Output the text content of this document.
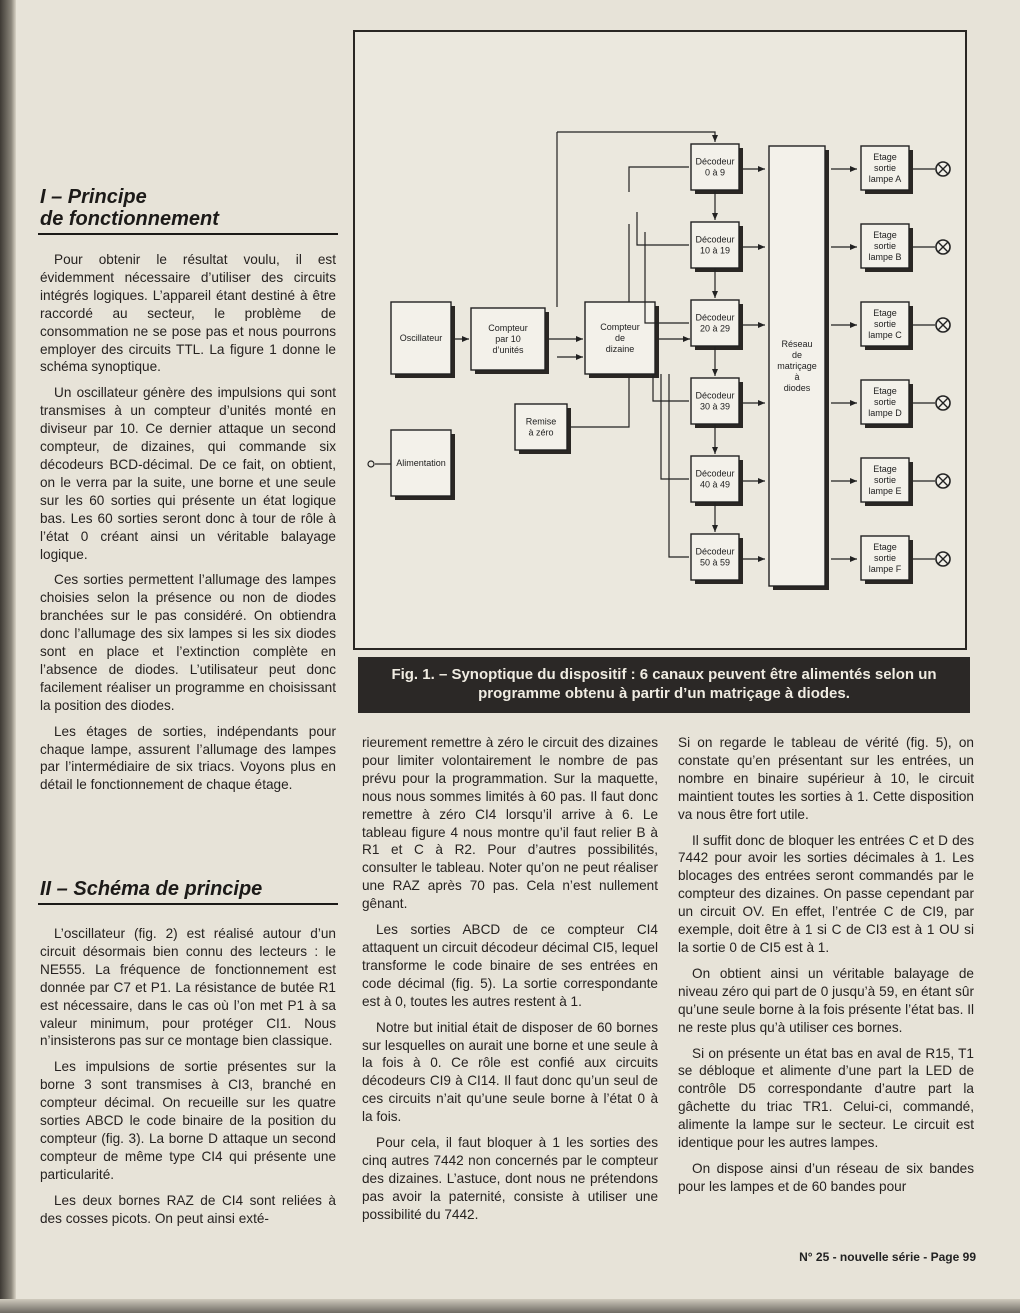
I – Principe
de fonctionnement

Pour obtenir le résultat voulu, il est évidemment nécessaire d’utiliser des circuits intégrés logiques. L’appareil étant destiné à être raccordé au secteur, le problème de consommation ne se pose pas et nous pourrons employer des circuits TTL. La figure 1 donne le schéma synoptique.

Un oscillateur génère des impulsions qui sont transmises à un compteur d’unités monté en diviseur par 10. Ce dernier attaque un second compteur, de dizaines, qui commande six décodeurs BCD-décimal. De ce fait, on obtient, on le verra par la suite, une borne et une seule sur les 60 sorties qui présente un état logique bas. Les 60 sorties seront donc à tour de rôle à l’état 0 créant ainsi un véritable balayage logique.

Ces sorties permettent l’allumage des lampes choisies selon la présence ou non de diodes branchées sur le pas considéré. On obtiendra donc l’allumage des six lampes si les six diodes sont en place et l’extinction complète en l’absence de diodes. L’utilisateur peut donc facilement réaliser un programme en choisissant la position des diodes.

Les étages de sorties, indépendants pour chaque lampe, assurent l’allumage des lampes par l’intermédiaire de six triacs. Voyons plus en détail le fonctionnement de chaque étage.

II – Schéma de principe

L’oscillateur (fig. 2) est réalisé autour d’un circuit désormais bien connu des lecteurs : le NE555. La fréquence de fonctionnement est donnée par C7 et P1. La résistance de butée R1 est nécessaire, dans le cas où l’on met P1 à sa valeur minimum, pour protéger CI1. Nous n’insisterons pas sur ce montage bien classique.

Les impulsions de sortie présentes sur la borne 3 sont transmises à CI3, branché en compteur décimal. On recueille sur les quatre sorties ABCD le code binaire de la position du compteur (fig. 3). La borne D attaque un second compteur de même type CI4 qui présente une particularité.

Les deux bornes RAZ de CI4 sont reliées à des cosses picots. On peut ainsi exté-

Oscillateur
Alimentation
Compteur
par 10
d’unités
Compteur
de
dizaine
Remise
à zéro
Réseau
de
matriçage
à
diodes
Décodeur
0 à 9
Décodeur
10 à 19
Décodeur
20 à 29
Décodeur
30 à 39
Décodeur
40 à 49
Décodeur
50 à 59
Etage
sortie
lampe A
Etage
sortie
lampe B
Etage
sortie
lampe C
Etage
sortie
lampe D
Etage
sortie
lampe E
Etage
sortie
lampe F
Fig. 1. – Synoptique du dispositif : 6 canaux peuvent être alimentés selon un programme obtenu à partir d’un matriçage à diodes.

rieurement remettre à zéro le circuit des dizaines pour limiter volontairement le nombre de pas prévu pour la programmation. Sur la maquette, nous nous sommes limités à 60 pas. Il faut donc remettre à zéro CI4 lorsqu’il arrive à 6. Le tableau figure 4 nous montre qu’il faut relier B à R1 et C à R2. Pour d’autres possibilités, consulter le tableau. Noter qu’on ne peut réaliser une RAZ après 70 pas. Cela n’est nullement gênant.

Les sorties ABCD de ce compteur CI4 attaquent un circuit décodeur décimal CI5, lequel transforme le code binaire de ses entrées en code décimal (fig. 5). La sortie correspondante est à 0, toutes les autres restent à 1.

Notre but initial était de disposer de 60 bornes sur lesquelles on aurait une borne et une seule à la fois à 0. Ce rôle est confié aux circuits décodeurs CI9 à CI14. Il faut donc qu’un seul de ces circuits n’ait qu’une seule borne à l’état 0 à la fois.

Pour cela, il faut bloquer à 1 les sorties des cinq autres 7442 non concernés par le compteur des dizaines. L’astuce, dont nous ne prétendons pas avoir la paternité, consiste à utiliser une possibilité du 7442.

Si on regarde le tableau de vérité (fig. 5), on constate qu’en présentant sur les entrées, un nombre en binaire supérieur à 10, le circuit maintient toutes les sorties à 1. Cette disposition va nous être fort utile.

Il suffit donc de bloquer les entrées C et D des 7442 pour avoir les sorties décimales à 1. Les blocages des entrées seront commandés par le compteur des dizaines. On passe cependant par un circuit OV. En effet, l’entrée C de CI9, par exemple, doit être à 1 si C de CI3 est à 1 OU si la sortie 0 de CI5 est à 1.

On obtient ainsi un véritable balayage de niveau zéro qui part de 0 jusqu’à 59, en étant sûr qu’une seule borne à la fois présente l’état bas. Il ne reste plus qu’à utiliser ces bornes.

Si on présente un état bas en aval de R15, T1 se débloque et alimente d’une part la LED de contrôle D5 correspondante d’autre part la gâchette du triac TR1. Celui-ci, commandé, alimente la lampe sur le secteur. Le circuit est identique pour les autres lampes.

On dispose ainsi d’un réseau de six bandes pour les lampes et de 60 bandes pour

N° 25 - nouvelle série - Page 99
